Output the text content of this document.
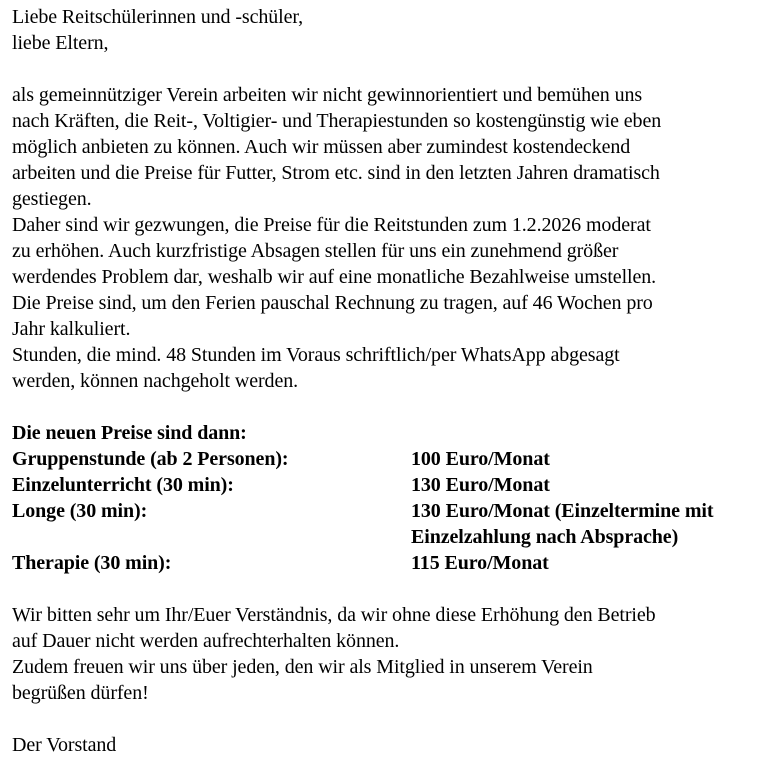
Liebe Reitschülerinnen und -schüler,
liebe Eltern,
als gemeinnütziger Verein arbeiten wir nicht gewinnorientiert und bemühen uns
nach Kräften, die Reit-, Voltigier- und Therapiestunden so kostengünstig wie eben
möglich anbieten zu können. Auch wir müssen aber zumindest kostendeckend
arbeiten und die Preise für Futter, Strom etc. sind in den letzten Jahren dramatisch
gestiegen.
Daher sind wir gezwungen, die Preise für die Reitstunden zum 1.2.2026 moderat
zu erhöhen. Auch kurzfristige Absagen stellen für uns ein zunehmend größer
werdendes Problem dar, weshalb wir auf eine monatliche Bezahlweise umstellen.
Die Preise sind, um den Ferien pauschal Rechnung zu tragen, auf 46 Wochen pro
Jahr kalkuliert.
Stunden, die mind. 48 Stunden im Voraus schriftlich/per WhatsApp abgesagt
werden, können nachgeholt werden.
Die neuen Preise sind dann:
Gruppenstunde (ab 2 Personen):	100 Euro/Monat
Einzelunterricht (30 min):	130 Euro/Monat
Longe (30 min):	130 Euro/Monat (Einzeltermine mit
Einzelzahlung nach Absprache)
Therapie (30 min):	115 Euro/Monat
Wir bitten sehr um Ihr/Euer Verständnis, da wir ohne diese Erhöhung den Betrieb
auf Dauer nicht werden aufrechterhalten können.
Zudem freuen wir uns über jeden, den wir als Mitglied in unserem Verein
begrüßen dürfen!
Der Vorstand
